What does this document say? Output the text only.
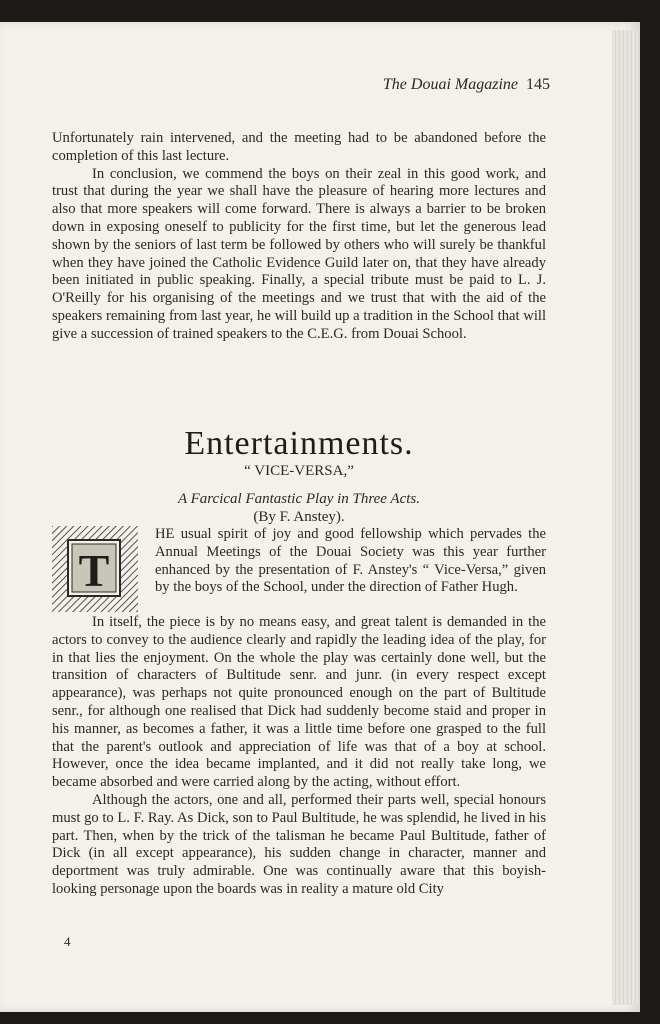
The Douai Magazine 145

Unfortunately rain intervened, and the meeting had to be abandoned before the completion of this last lecture.

In conclusion, we commend the boys on their zeal in this good work, and trust that during the year we shall have the pleasure of hearing more lectures and also that more speakers will come forward. There is always a barrier to be broken down in exposing oneself to publicity for the first time, but let the generous lead shown by the seniors of last term be followed by others who will surely be thankful when they have joined the Catholic Evidence Guild later on, that they have already been initiated in public speaking. Finally, a special tribute must be paid to L. J. O'Reilly for his organising of the meetings and we trust that with the aid of the speakers remaining from last year, he will build up a tradition in the School that will give a succession of trained speakers to the C.E.G. from Douai School.

Entertainments.
“ VICE-VERSA,”
A Farcical Fantastic Play in Three Acts.
(By F. Anstey).
T
HE usual spirit of joy and good fellowship which pervades the Annual Meetings of the Douai Society was this year further enhanced by the presentation of F. Anstey's “ Vice-Versa,” given by the boys of the School, under the direction of Father Hugh.

In itself, the piece is by no means easy, and great talent is demanded in the actors to convey to the audience clearly and rapidly the leading idea of the play, for in that lies the enjoyment. On the whole the play was certainly done well, but the transition of characters of Bultitude senr. and junr. (in every respect except appearance), was perhaps not quite pronounced enough on the part of Bultitude senr., for although one realised that Dick had suddenly become staid and proper in his manner, as becomes a father, it was a little time before one grasped to the full that the parent's outlook and appreciation of life was that of a boy at school. However, once the idea became implanted, and it did not really take long, we became absorbed and were carried along by the acting, without effort.

Although the actors, one and all, performed their parts well, special honours must go to L. F. Ray. As Dick, son to Paul Bultitude, he was splendid, he lived in his part. Then, when by the trick of the talisman he became Paul Bultitude, father of Dick (in all except appearance), his sudden change in character, manner and deportment was truly admirable. One was continually aware that this boyish-looking personage upon the boards was in reality a mature old City

4
